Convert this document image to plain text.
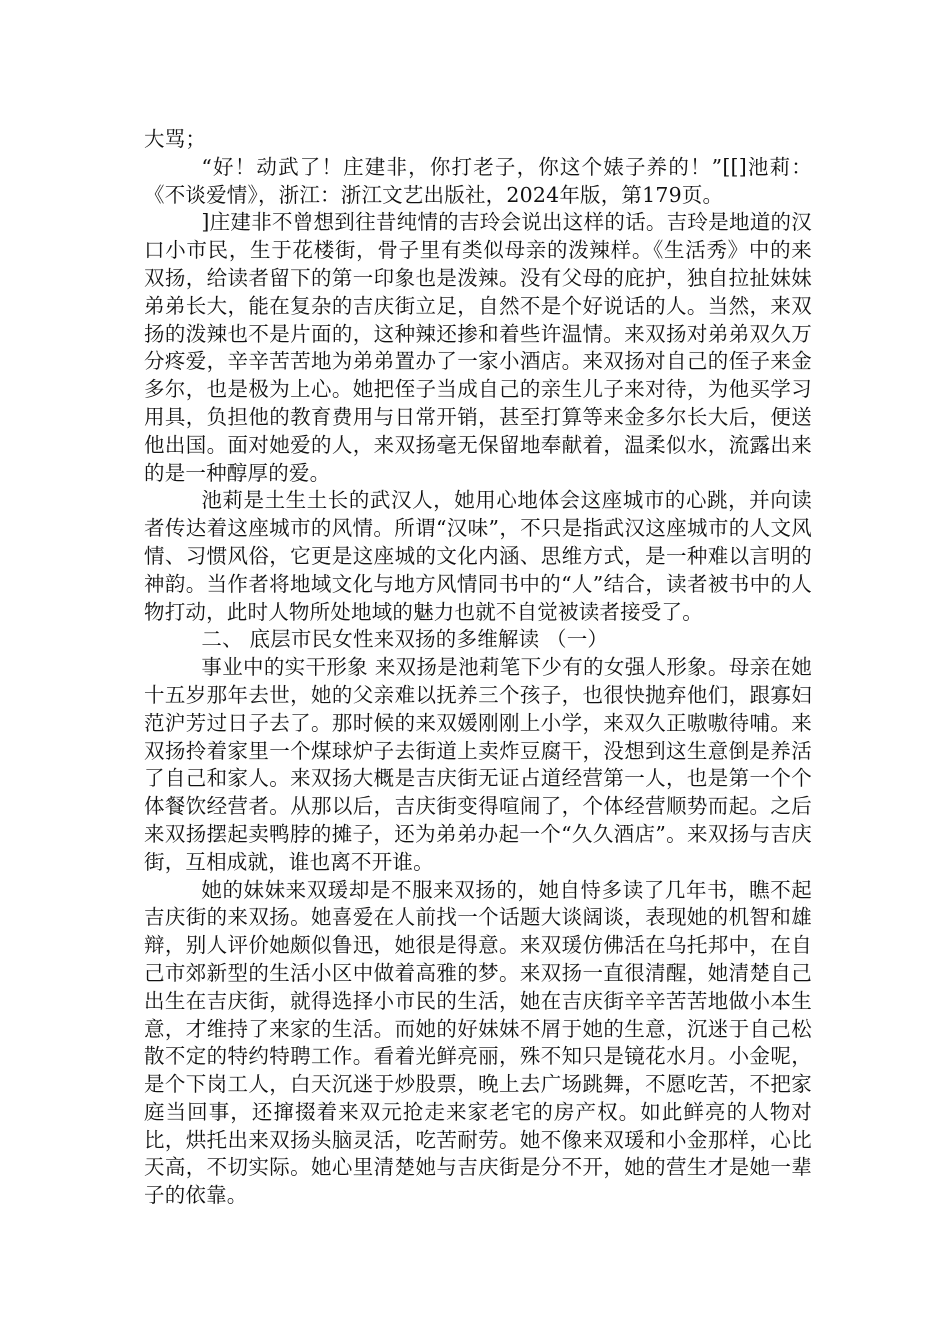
大骂；

“好！动武了！庄建非，你打老子，你这个婊子养的！”[[]池莉：《不谈爱情》，浙江：浙江文艺出版社，2024年版，第179页。

]庄建非不曾想到往昔纯情的吉玲会说出这样的话。吉玲是地道的汉口小市民，生于花楼街，骨子里有类似母亲的泼辣样。《生活秀》中的来双扬，给读者留下的第一印象也是泼辣。没有父母的庇护，独自拉扯妹妹弟弟长大，能在复杂的吉庆街立足，自然不是个好说话的人。当然，来双扬的泼辣也不是片面的，这种辣还掺和着些许温情。来双扬对弟弟双久万分疼爱，辛辛苦苦地为弟弟置办了一家小酒店。来双扬对自己的侄子来金多尔，也是极为上心。她把侄子当成自己的亲生儿子来对待，为他买学习用具，负担他的教育费用与日常开销，甚至打算等来金多尔长大后，便送他出国。面对她爱的人，来双扬毫无保留地奉献着，温柔似水，流露出来的是一种醇厚的爱。

池莉是土生土长的武汉人，她用心地体会这座城市的心跳，并向读者传达着这座城市的风情。所谓“汉味”，不只是指武汉这座城市的人文风情、习惯风俗，它更是这座城的文化内涵、思维方式，是一种难以言明的神韵。当作者将地域文化与地方风情同书中的“人”结合，读者被书中的人物打动，此时人物所处地域的魅力也就不自觉被读者接受了。

二、 底层市民女性来双扬的多维解读 （一）

事业中的实干形象 来双扬是池莉笔下少有的女强人形象。母亲在她十五岁那年去世，她的父亲难以抚养三个孩子，也很快抛弃他们，跟寡妇范沪芳过日子去了。那时候的来双媛刚刚上小学，来双久正嗷嗷待哺。来双扬拎着家里一个煤球炉子去街道上卖炸豆腐干，没想到这生意倒是养活了自己和家人。来双扬大概是吉庆街无证占道经营第一人，也是第一个个体餐饮经营者。从那以后，吉庆街变得喧闹了，个体经营顺势而起。之后来双扬摆起卖鸭脖的摊子，还为弟弟办起一个“久久酒店”。来双扬与吉庆街，互相成就，谁也离不开谁。

她的妹妹来双瑗却是不服来双扬的，她自恃多读了几年书，瞧不起吉庆街的来双扬。她喜爱在人前找一个话题大谈阔谈，表现她的机智和雄辩，别人评价她颇似鲁迅，她很是得意。来双瑗仿佛活在乌托邦中，在自己市郊新型的生活小区中做着高雅的梦。来双扬一直很清醒，她清楚自己出生在吉庆街，就得选择小市民的生活，她在吉庆街辛辛苦苦地做小本生意，才维持了来家的生活。而她的好妹妹不屑于她的生意，沉迷于自己松散不定的特约特聘工作。看着光鲜亮丽，殊不知只是镜花水月。小金呢，是个下岗工人，白天沉迷于炒股票，晚上去广场跳舞，不愿吃苦，不把家庭当回事，还撺掇着来双元抢走来家老宅的房产权。如此鲜亮的人物对比，烘托出来双扬头脑灵活，吃苦耐劳。她不像来双瑗和小金那样，心比天高，不切实际。她心里清楚她与吉庆街是分不开，她的营生才是她一辈子的依靠。
